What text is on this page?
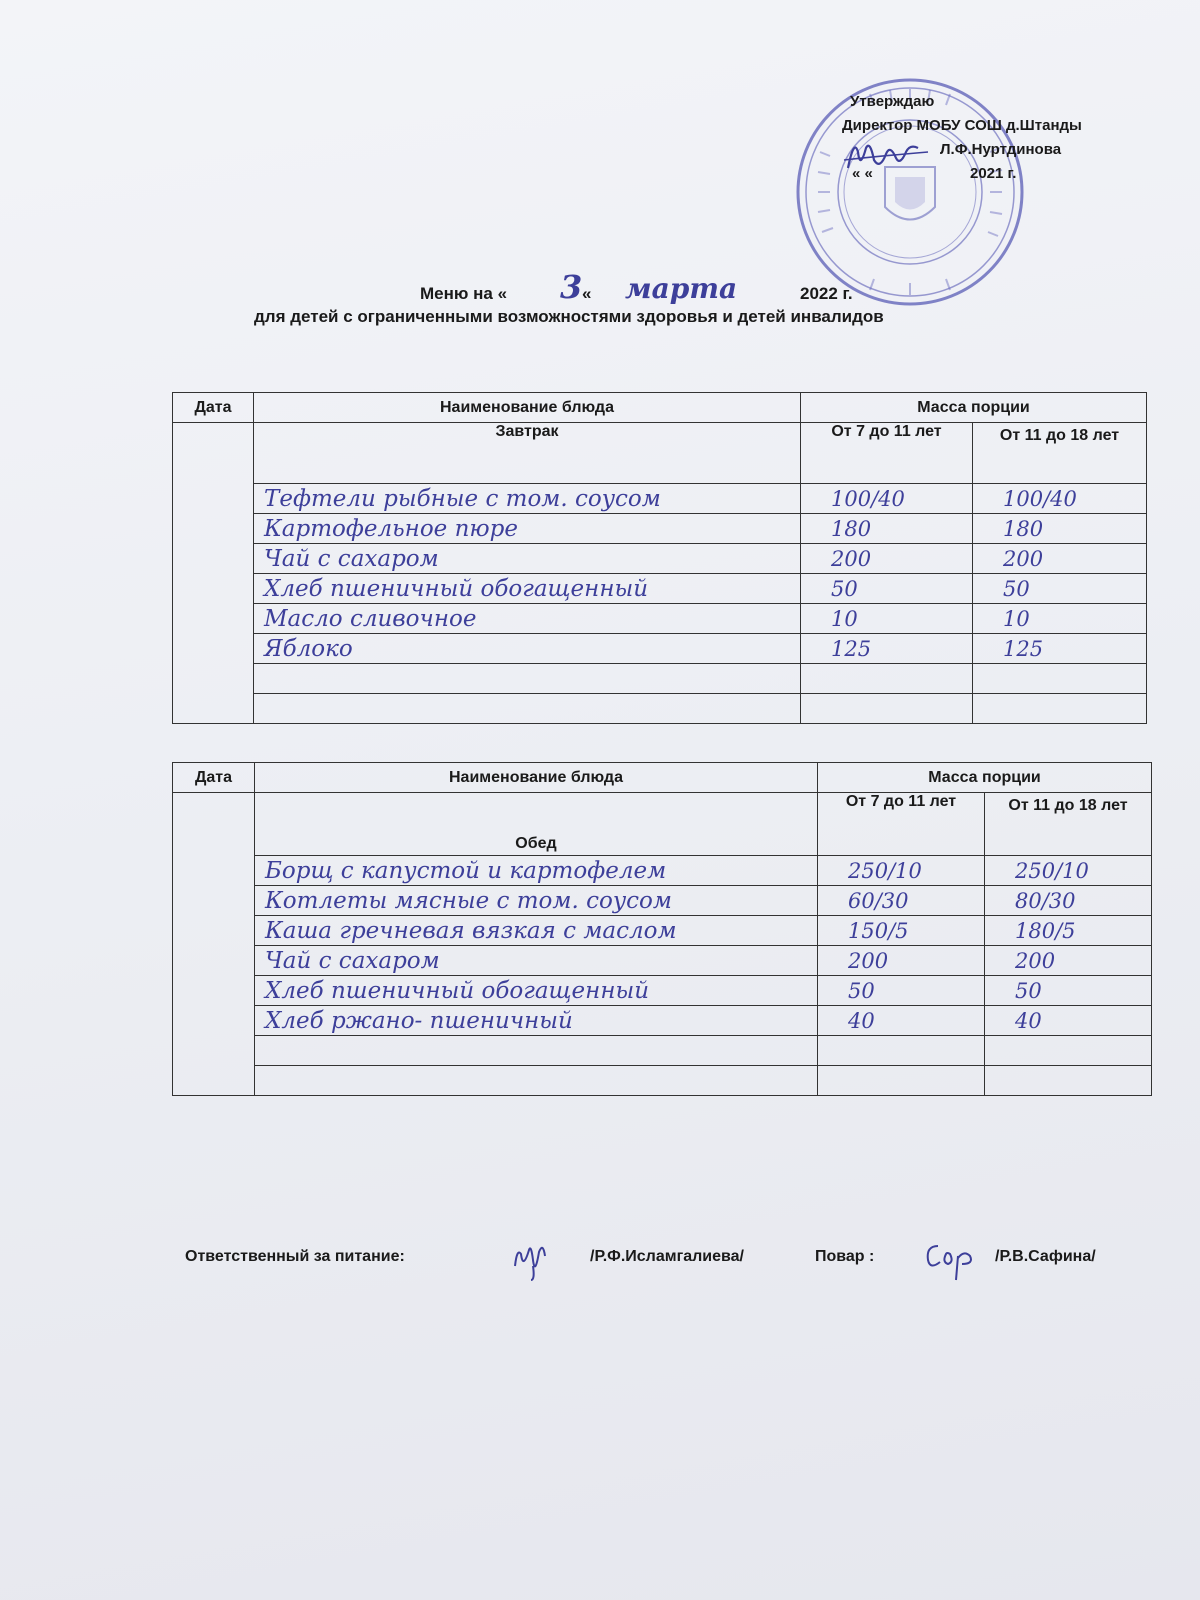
Утверждаю
Директор МОБУ СОШ д.Штанды
Л.Ф.Нуртдинова
« «	2021 г.
Меню на « 3 « марта	2022 г.
для детей с ограниченными возможностями здоровья и детей инвалидов
Дата	Наименование блюда	Масса порции	
	Завтрак	От 7 до 11 лет	От 11 до 18 лет
	Тефтели рыбные с том. соусом	100/40	100/40
	Картофельное пюре	180	180
	Чай с сахаром	200	200
	Хлеб пшеничный обогащенный	50	50
	Масло сливочное	10	10
	Яблоко	125	125

Дата	Наименование блюда	Масса порции	
	Обед	От 7 до 11 лет	От 11 до 18 лет
	Борщ с капустой и картофелем	250/10	250/10
	Котлеты мясные с том. соусом	60/30	80/30
	Каша гречневая вязкая с маслом	150/5	180/5
	Чай с сахаром	200	200
	Хлеб пшеничный обогащенный	50	50
	Хлеб ржано- пшеничный	40	40

Ответственный за питание:	/Р.Ф.Исламгалиева/	Повар :	/Р.В.Сафина/
